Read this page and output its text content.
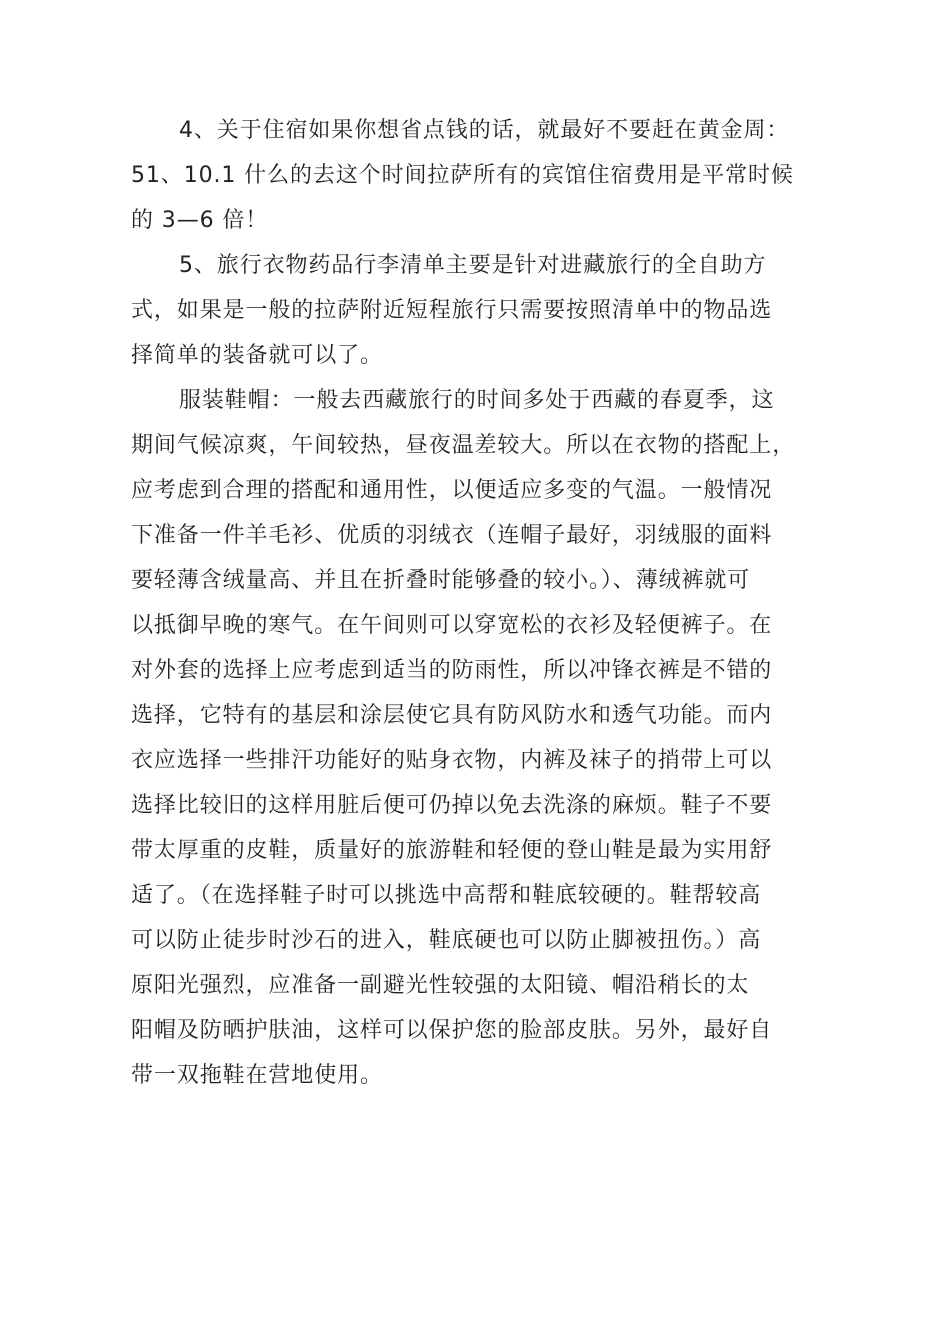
4、关于住宿如果你想省点钱的话，就最好不要赶在黄金周：
51、10.1 什么的去这个时间拉萨所有的宾馆住宿费用是平常时候
的 3—6 倍！
5、旅行衣物药品行李清单主要是针对进藏旅行的全自助方
式，如果是一般的拉萨附近短程旅行只需要按照清单中的物品选
择简单的装备就可以了。
服装鞋帽：一般去西藏旅行的时间多处于西藏的春夏季，这
期间气候凉爽，午间较热，昼夜温差较大。所以在衣物的搭配上，
应考虑到合理的搭配和通用性，以便适应多变的气温。一般情况
下准备一件羊毛衫、优质的羽绒衣（连帽子最好，羽绒服的面料
要轻薄含绒量高、并且在折叠时能够叠的较小。）、薄绒裤就可
以抵御早晚的寒气。在午间则可以穿宽松的衣衫及轻便裤子。在
对外套的选择上应考虑到适当的防雨性，所以冲锋衣裤是不错的
选择，它特有的基层和涂层使它具有防风防水和透气功能。而内
衣应选择一些排汗功能好的贴身衣物，内裤及袜子的捎带上可以
选择比较旧的这样用脏后便可仍掉以免去洗涤的麻烦。鞋子不要
带太厚重的皮鞋，质量好的旅游鞋和轻便的登山鞋是最为实用舒
适了。（在选择鞋子时可以挑选中高帮和鞋底较硬的。鞋帮较高
可以防止徒步时沙石的进入，鞋底硬也可以防止脚被扭伤。）高
原阳光强烈，应准备一副避光性较强的太阳镜、帽沿稍长的太
阳帽及防晒护肤油，这样可以保护您的脸部皮肤。另外，最好自
带一双拖鞋在营地使用。
